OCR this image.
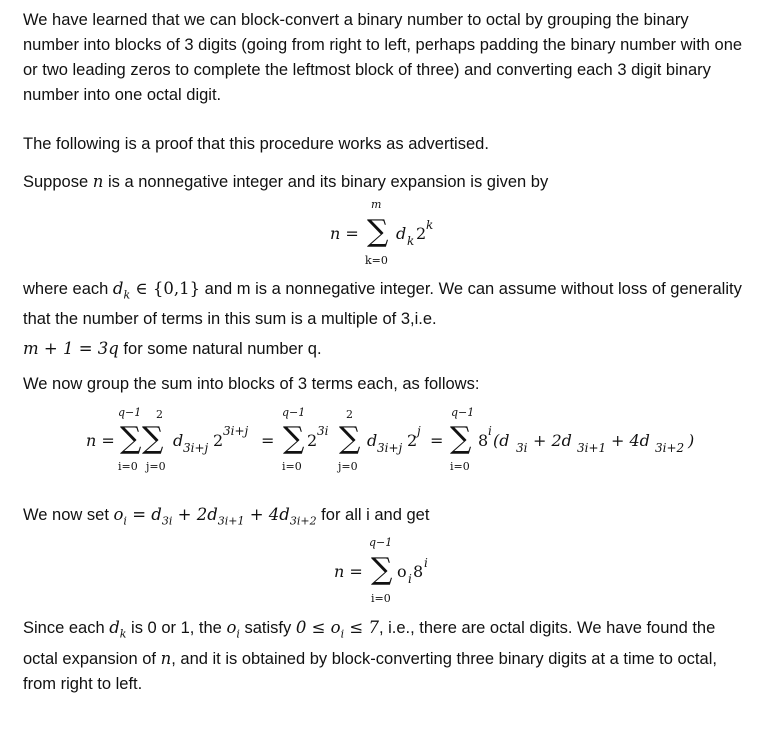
We have learned that we can block-convert a binary number to octal by grouping the binary number into blocks of 3 digits (going from right to left, perhaps padding the binary number with one or two leading zeros to complete the leftmost block of three) and converting each 3 digit binary number into one octal digit.

The following is a proof that this procedure works as advertised.

Suppose n is a nonnegative integer and its binary expansion is given by

n =
m
∑
k=0
d k 2 k

where each $d_k$ ∈ {0,1} and m is a nonnegative integer. We can assume without loss of generality that the number of terms in this sum is a multiple of 3,i.e.

m + 1 = 3q for some natural number q.

We now group the sum into blocks of 3 terms each, as follows:

n =
q−1 2
∑ ∑
i=0 j=0
d 3i+j 2 3i+j =
q−1
∑
i=0
2 3i
2
∑
j=0
d 3i+j 2 j =
q−1
∑
i=0
8 i (d 3i + 2d 3i+1 + 4d 3i+2 )

We now set $o_i = d_{3i} + 2d_{3i+1} + 4d_{3i+2}$ for all i and get

n =
q−1
∑
i=0
o i 8 i

Since each $d_k$ is 0 or 1, the $o_i$ satisfy $0 \le o_i \le 7$, i.e., there are octal digits. We have found the octal expansion of n, and it is obtained by block-converting three binary digits at a time to octal, from right to left.
